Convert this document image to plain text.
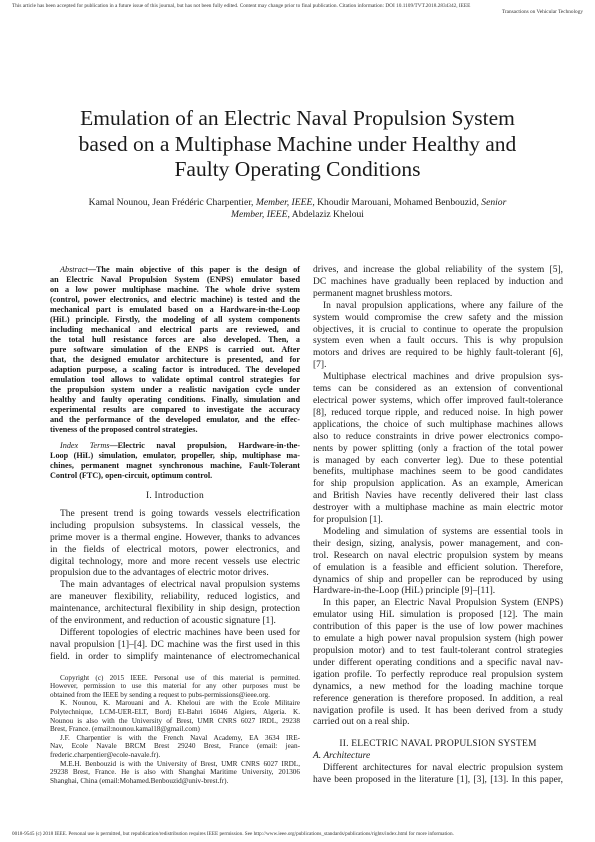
This article has been accepted for publication in a future issue of this journal, but has not been fully edited. Content may change prior to final publication. Citation information: DOI 10.1109/TVT.2018.2834342, IEEE
Transactions on Vehicular Technology
Emulation of an Electric Naval Propulsion System
based on a Multiphase Machine under Healthy and
Faulty Operating Conditions
Kamal Nounou, Jean Frédéric Charpentier, Member, IEEE, Khoudir Marouani, Mohamed Benbouzid, Senior
Member, IEEE, Abdelaziz Kheloui
Abstract—The main objective of this paper is the design of
an Electric Naval Propulsion System (ENPS) emulator based
on a low power multiphase machine. The whole drive system
(control, power electronics, and electric machine) is tested and the
mechanical part is emulated based on a Hardware-in-the-Loop
(HiL) principle. Firstly, the modeling of all system components
including mechanical and electrical parts are reviewed, and
the total hull resistance forces are also developed. Then, a
pure software simulation of the ENPS is carried out. After
that, the designed emulator architecture is presented, and for
adaption purpose, a scaling factor is introduced. The developed
emulation tool allows to validate optimal control strategies for
the propulsion system under a realistic navigation cycle under
healthy and faulty operating conditions. Finally, simulation and
experimental results are compared to investigate the accuracy
and the performance of the developed emulator, and the effec-
tiveness of the proposed control strategies.
Index Terms—Electric naval propulsion, Hardware-in-the-
Loop (HiL) simulation, emulator, propeller, ship, multiphase ma-
chines, permanent magnet synchronous machine, Fault-Tolerant
Control (FTC), open-circuit, optimum control.
I. Introduction
The present trend is going towards vessels electrification
including propulsion subsystems. In classical vessels, the
prime mover is a thermal engine. However, thanks to advances
in the fields of electrical motors, power electronics, and
digital technology, more and more recent vessels use electric
propulsion due to the advantages of electric motor drives.
The main advantages of electrical naval propulsion systems
are maneuver flexibility, reliability, reduced logistics, and
maintenance, architectural flexibility in ship design, protection
of the environment, and reduction of acoustic signature [1].
Different topologies of electric machines have been used for
naval propulsion [1]–[4]. DC machine was the first used in this
field. in order to simplify maintenance of electromechanical
Copyright (c) 2015 IEEE. Personal use of this material is permitted.
However, permission to use this material for any other purposes must be
obtained from the IEEE by sending a request to pubs-permissions@ieee.org.
K. Nounou, K. Marouani and A. Kheloui are with the Ecole Militaire
Polytechnique, LCM-UER-ELT, Bordj El-Bahri 16046 Algiers, Algeria. K.
Nounou is also with the University of Brest, UMR CNRS 6027 IRDL, 29238
Brest, France. (email:nounou.kamal18@gmail.com)
J.F. Charpentier is with the French Naval Academy, EA 3634 IRE-
Nav, Ecole Navale BRCM Brest 29240 Brest, France (email: jean-
frederic.charpentier@ecole-navale.fr).
M.E.H. Benbouzid is with the University of Brest, UMR CNRS 6027 IRDL,
29238 Brest, France. He is also with Shanghai Maritime University, 201306
Shanghai, China (email:Mohamed.Benbouzid@univ-brest.fr).
drives, and increase the global reliability of the system [5],
DC machines have gradually been replaced by induction and
permanent magnet brushless motors.
In naval propulsion applications, where any failure of the
system would compromise the crew safety and the mission
objectives, it is crucial to continue to operate the propulsion
system even when a fault occurs. This is why propulsion
motors and drives are required to be highly fault-tolerant [6],
[7].
Multiphase electrical machines and drive propulsion sys-
tems can be considered as an extension of conventional
electrical power systems, which offer improved fault-tolerance
[8], reduced torque ripple, and reduced noise. In high power
applications, the choice of such multiphase machines allows
also to reduce constraints in drive power electronics compo-
nents by power splitting (only a fraction of the total power
is managed by each converter leg). Due to these potential
benefits, multiphase machines seem to be good candidates
for ship propulsion application. As an example, American
and British Navies have recently delivered their last class
destroyer with a multiphase machine as main electric motor
for propulsion [1].
Modeling and simulation of systems are essential tools in
their design, sizing, analysis, power management, and con-
trol. Research on naval electric propulsion system by means
of emulation is a feasible and efficient solution. Therefore,
dynamics of ship and propeller can be reproduced by using
Hardware-in-the-Loop (HiL) principle [9]–[11].
In this paper, an Electric Naval Propulsion System (ENPS)
emulator using HiL simulation is proposed [12]. The main
contribution of this paper is the use of low power machines
to emulate a high power naval propulsion system (high power
propulsion motor) and to test fault-tolerant control strategies
under different operating conditions and a specific naval nav-
igation profile. To perfectly reproduce real propulsion system
dynamics, a new method for the loading machine torque
reference generation is therefore proposed. In addition, a real
navigation profile is used. It has been derived from a study
carried out on a real ship.
II. ELECTRIC NAVAL PROPULSION SYSTEM
A. Architecture
Different architectures for naval electric propulsion system
have been proposed in the literature [1], [3], [13]. In this paper,
0018-9545 (c) 2018 IEEE. Personal use is permitted, but republication/redistribution requires IEEE permission. See http://www.ieee.org/publications_standards/publications/rights/index.html for more information.
